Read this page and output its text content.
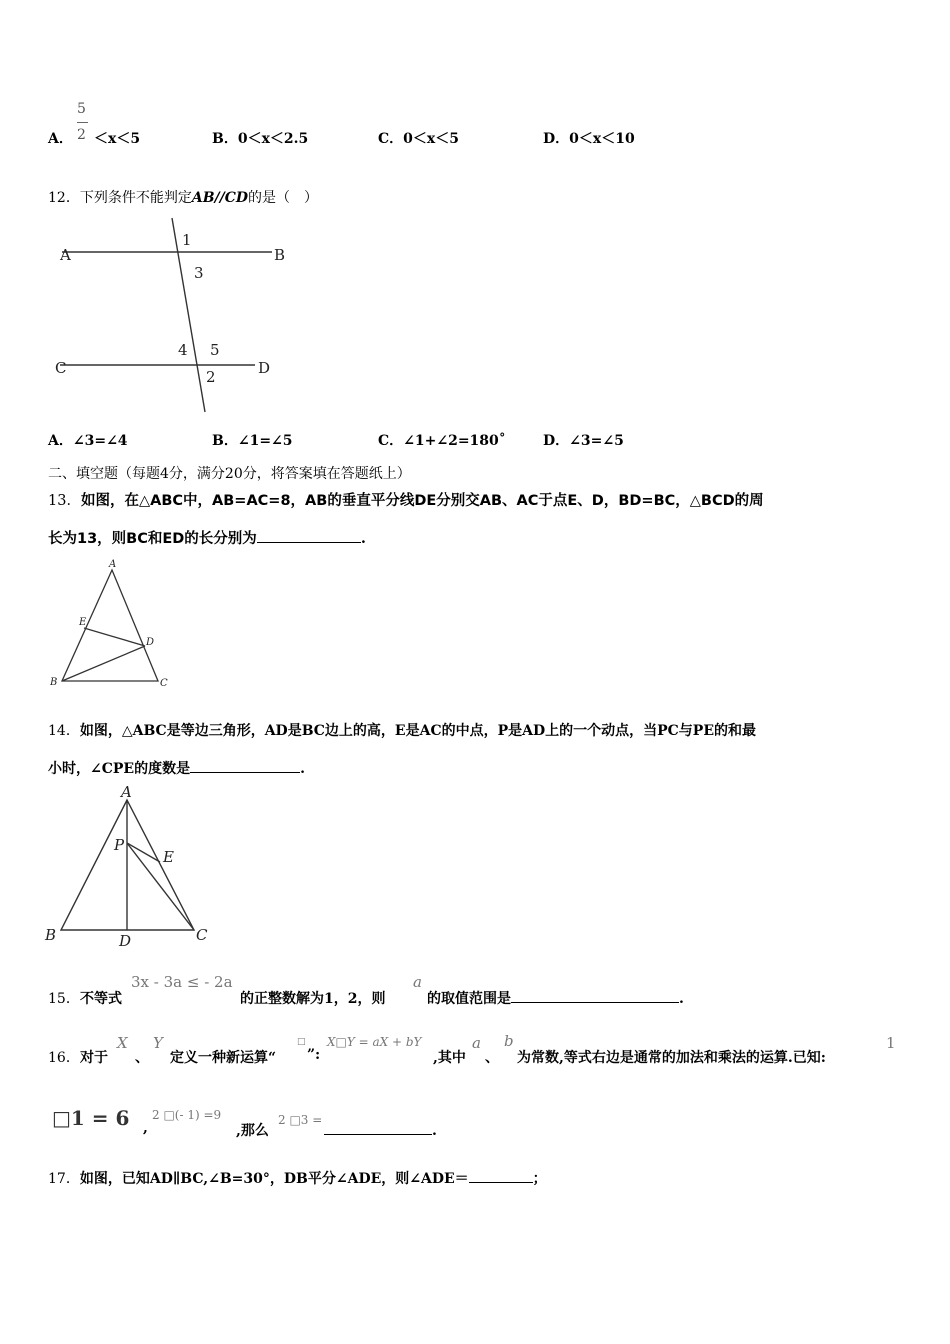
A．
5
2 ＜x＜5	B．0＜x＜2.5	C．0＜x＜5	D．0＜x＜10
12．下列条件不能判定AB//CD的是（　）
A	B
C	D
1
3
4 5
2
A
E
D
B	C
A
P
E
B	D	C
A．∠3=∠4	B．∠1=∠5	C．∠1+∠2=180˚	D．∠3=∠5
二、填空题（每题4分，满分20分，将答案填在答题纸上）
13．如图，在△ABC中，AB=AC=8，AB的垂直平分线DE分别交AB、AC于点E、D，BD=BC，△BCD的周
长为13，则BC和ED的长分别为	.
14．如图，△ABC是等边三角形，AD是BC边上的高，E是AC的中点，P是AD上的一个动点，当PC与PE的和最
小时，∠CPE的度数是	.
15． 不等式
3x - 3a ≤ - 2a
的正整数解为1，2，则
a
的取值范围是	.
16． 对于
X
、
Y
定义一种新运算“
□
”:
X□Y = aX + bY
,其中
a
、
b
为常数,等式右边是通常的加法和乘法的运算.已知:
1
□1 = 6 ,
2 □(- 1) =9
,那么
2 □3 =
.
17．如图，已知AD∥BC,∠B=30°，DB平分∠ADE，则∠ADE＝	；
